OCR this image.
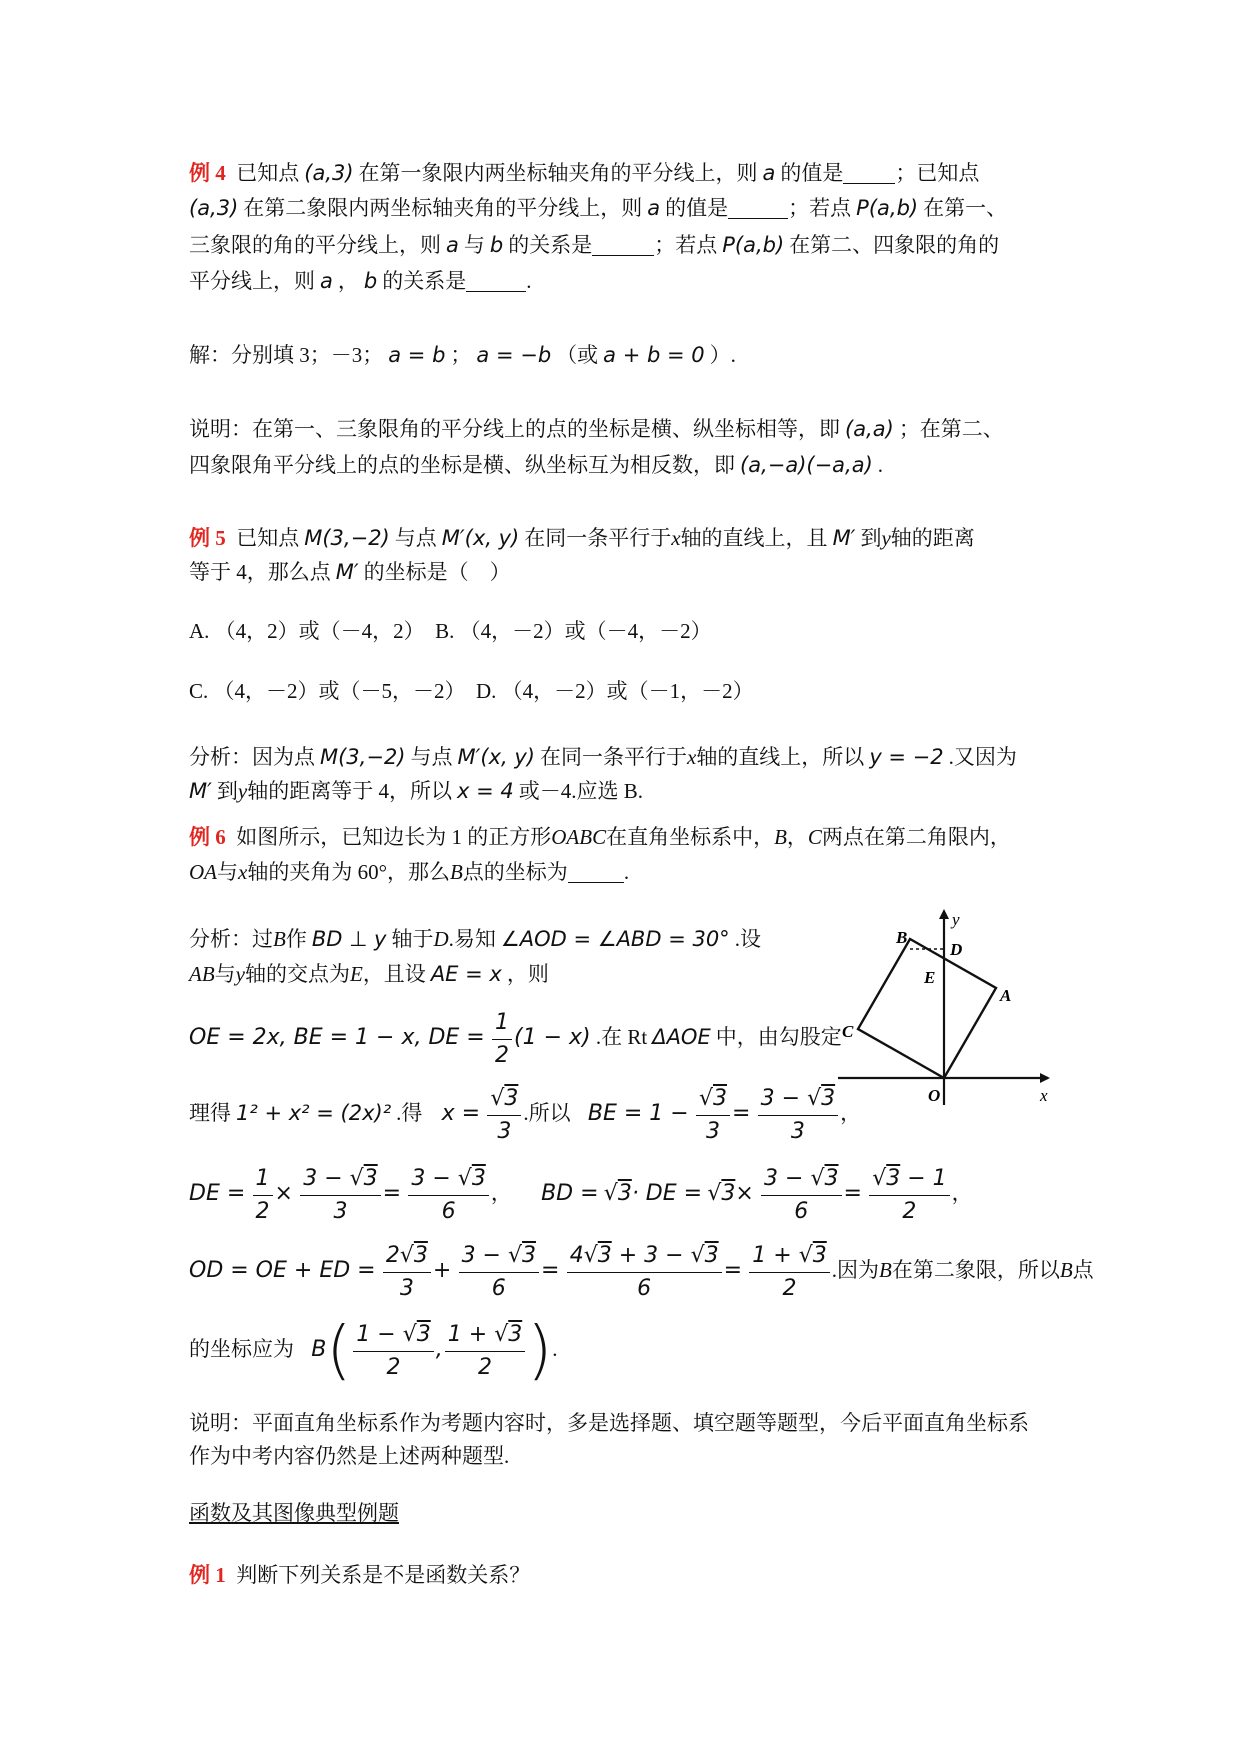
例 4 已知点 (a,3) 在第一象限内两坐标轴夹角的平分线上，则 a 的值是 ；已知点
(a,3) 在第二象限内两坐标轴夹角的平分线上，则 a 的值是	；若点 P(a,b) 在第一、
三象限的角的平分线上，则 a 与 b 的关系是	；若点 P(a,b) 在第二、四象限的角的
平分线上，则 a ， b 的关系是	.
解：分别填 3；－3； a = b ； a = −b （或 a + b = 0 ）.
说明：在第一、三象限角的平分线上的点的坐标是横、纵坐标相等，即 (a,a) ；在第二、
四象限角平分线上的点的坐标是横、纵坐标互为相反数，即 (a,−a)(−a,a) .
例 5 已知点 M(3,−2) 与点 M′(x, y) 在同一条平行于x轴的直线上，且 M′ 到y轴的距离
等于 4，那么点 M′ 的坐标是（　）
A. （4，2）或（－4，2） B. （4，－2）或（－4，－2）
C. （4，－2）或（－5，－2） D. （4，－2）或（－1，－2）
分析：因为点 M(3,−2) 与点 M′(x, y) 在同一条平行于x轴的直线上，所以 y = −2 .又因为
M′ 到y轴的距离等于 4，所以 x = 4 或－4.应选 B.
例 6 如图所示，已知边长为 1 的正方形OABC在直角坐标系中，B，C两点在第二角限内，
OA与x轴的夹角为 60°，那么B点的坐标为	.
分析：过B作 BD ⊥ y 轴于D.易知 ∠AOD = ∠ABD = 30° .设
AB与y轴的交点为E，且设 AE = x ，则
OE = 2x, BE = 1 − x, DE = $\frac{1}{2} (1 - x)$ .在 Rt ΔAOE 中，由勾股定
理得 1² + x² = (2x)² .得 $x = \frac{√3}{3}$ .所以 BE = $1 - \frac{√3}{3} = \frac{3 - √3}{3}$ ，
DE = $\frac{1}{2} \times \frac{3 - √3}{3} = \frac{3 - √3}{6}$ ， BD = √3· DE = $√3\times \frac{3 - √3}{6} = \frac{√3 - 1}{2}$ ，
OD = OE + ED = $\frac{2√3}{3} + \frac{3 - √3}{6} = \frac{4√3 + 3 - √3}{6} = \frac{1 + √3}{2}$ .因为B在第二象限，所以B点
的坐标应为 $B( \frac{1 - √3}{2}$ , $\frac{1 + √3}{2}$ ).
说明：平面直角坐标系作为考题内容时，多是选择题、填空题等题型，今后平面直角坐标系
作为中考内容仍然是上述两种题型.
函数及其图像典型例题
例 1 判断下列关系是不是函数关系？
y
x
O
A
B
C
D
E
